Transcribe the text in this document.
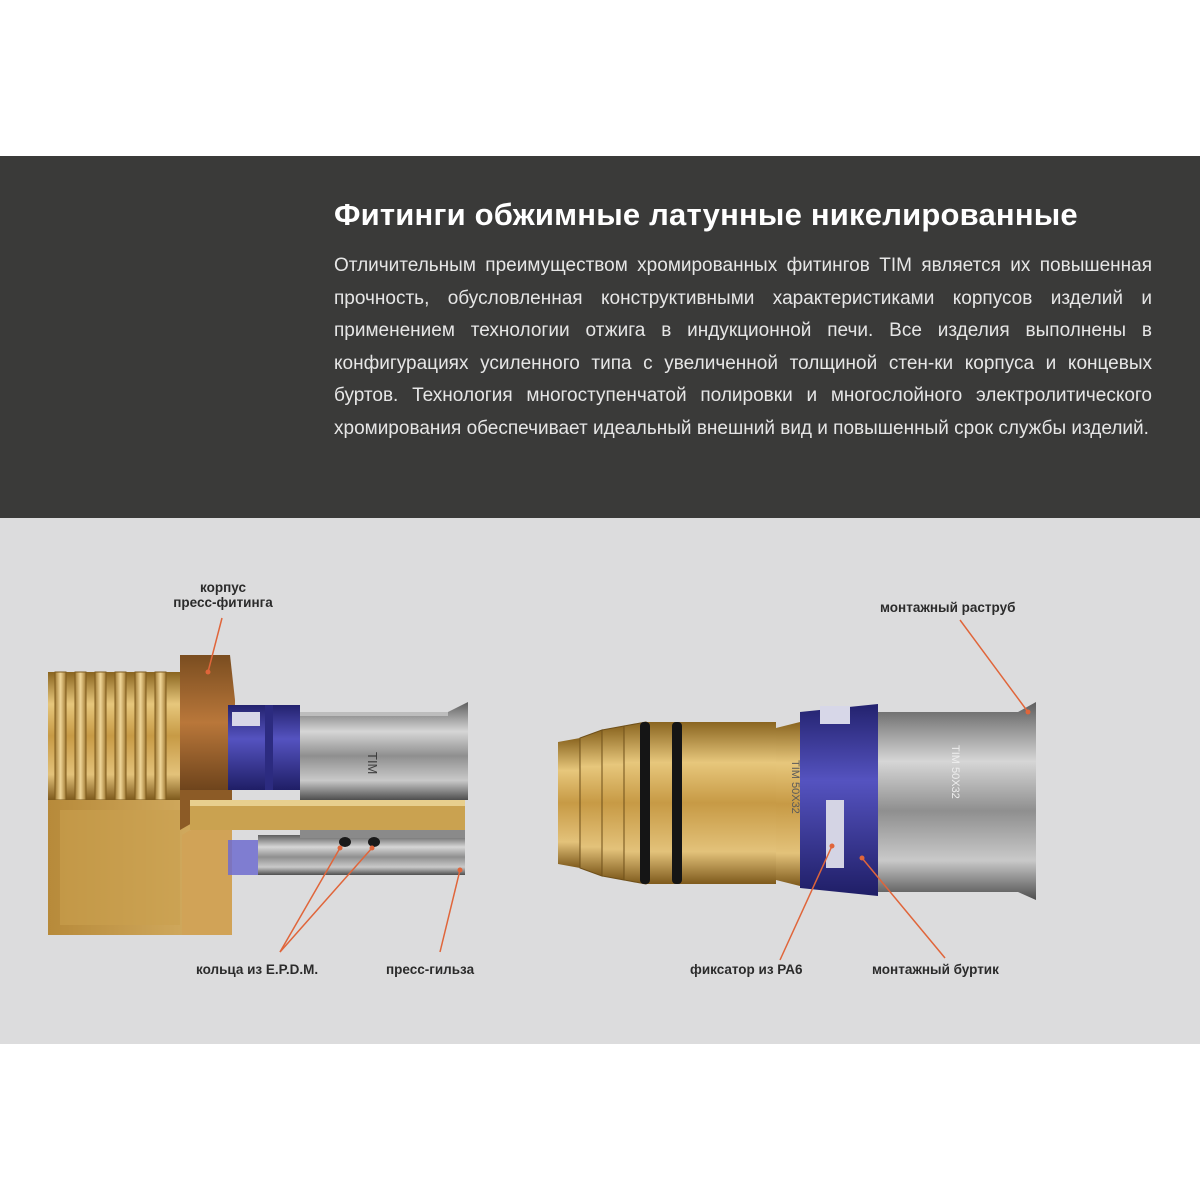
Фитинги обжимные латунные никелированные

Отличительным преимуществом хромированных фитингов TIM является их повышенная прочность, обусловленная конструктивными характеристиками корпусов изделий и применением технологии отжига в индукционной печи. Все изделия выполнены в конфигурациях усиленного типа с увеличенной толщиной стен-ки корпуса и концевых буртов. Технология многоступенчатой полировки и многослойного электролитического хромирования обеспечивает идеальный внешний вид и повышенный срок службы изделий.

TIM	TIM 50X32	TIM 50X32
корпус
пресс-фитинга
кольца из E.P.D.M.	пресс-гильза
монтажный раструб
фиксатор из PA6	монтажный буртик
